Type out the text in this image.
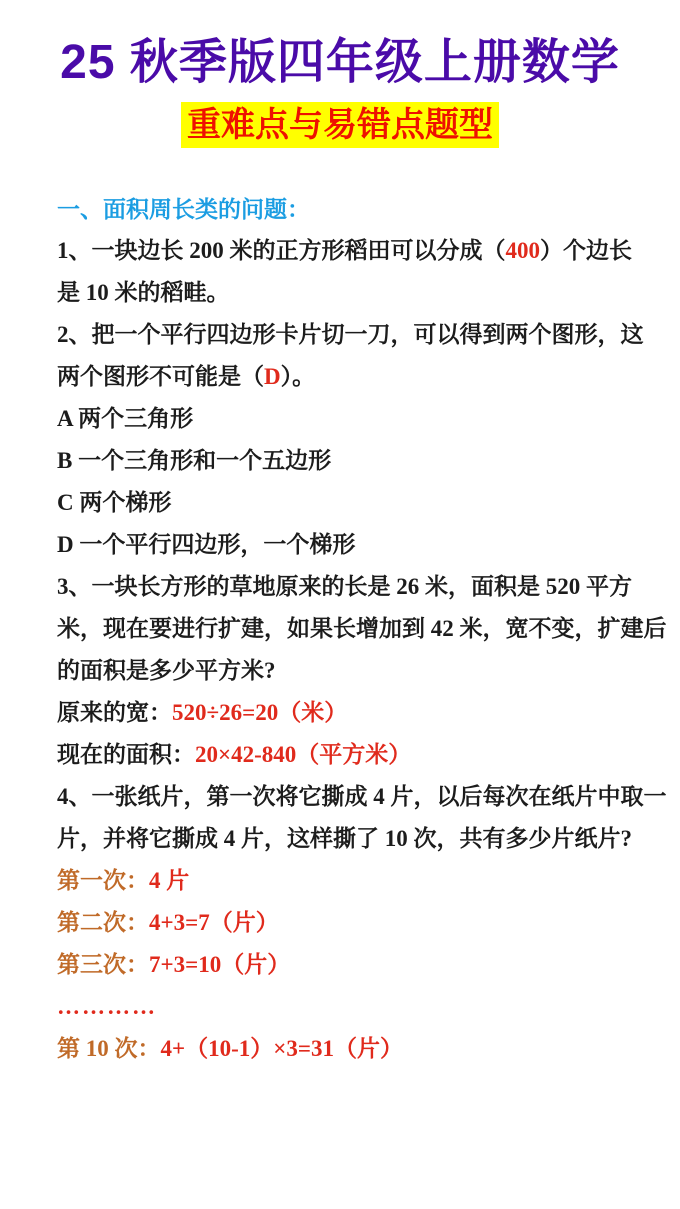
25 秋季版四年级上册数学
重难点与易错点题型

一、面积周长类的问题：

1、一块边长 200 米的正方形稻田可以分成（400）个边长

是 10 米的稻畦。

2、把一个平行四边形卡片切一刀，可以得到两个图形，这

两个图形不可能是（D）。

A 两个三角形

B 一个三角形和一个五边形

C 两个梯形

D 一个平行四边形，一个梯形

3、一块长方形的草地原来的长是 26 米，面积是 520 平方

米，现在要进行扩建，如果长增加到 42 米，宽不变，扩建后

的面积是多少平方米?

原来的宽：520÷26=20（米）

现在的面积：20×42-840（平方米）

4、一张纸片，第一次将它撕成 4 片，以后每次在纸片中取一

片，并将它撕成 4 片，这样撕了 10 次，共有多少片纸片?

第一次：4 片

第二次：4+3=7（片）

第三次：7+3=10（片）

…………

第 10 次：4+（10-1）×3=31（片）
